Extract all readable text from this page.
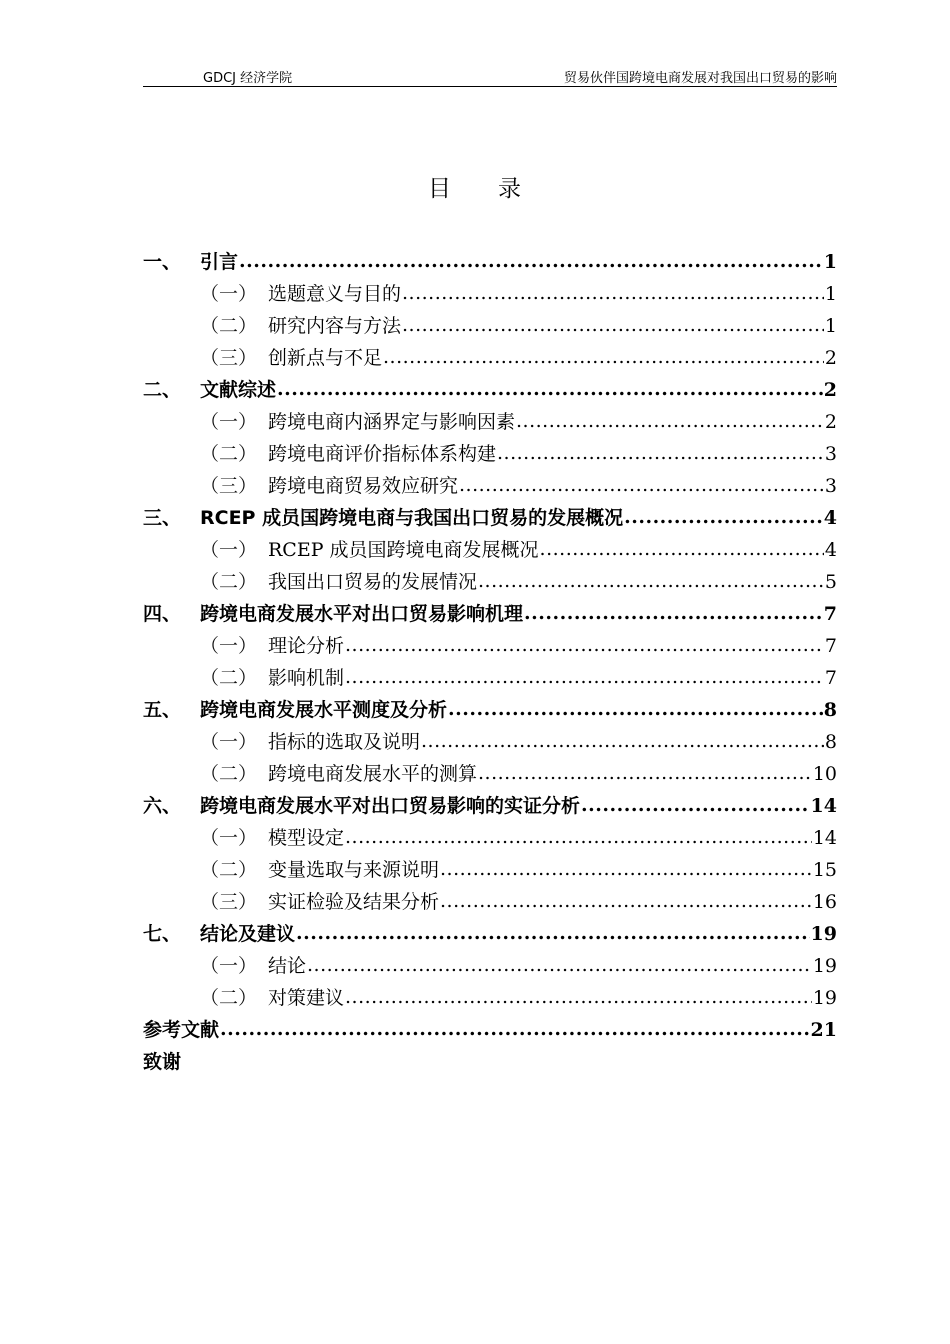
GDCJ 经济学院	贸易伙伴国跨境电商发展对我国出口贸易的影响
目 录
一、 引言 .....	1
（一） 选题意义与目的 .....	1
（二） 研究内容与方法 .....	1
（三） 创新点与不足 .....	2
二、 文献综述 .....	2
（一） 跨境电商内涵界定与影响因素 .....	2
（二） 跨境电商评价指标体系构建 .....	3
（三） 跨境电商贸易效应研究 .....	3
三、 RCEP 成员国跨境电商与我国出口贸易的发展概况 .....	4
（一） RCEP 成员国跨境电商发展概况 .....	4
（二） 我国出口贸易的发展情况 .....	5
四、 跨境电商发展水平对出口贸易影响机理 .....	7
（一） 理论分析 .....	7
（二） 影响机制 .....	7
五、 跨境电商发展水平测度及分析 .....	8
（一） 指标的选取及说明 .....	8
（二） 跨境电商发展水平的测算 .....	10
六、 跨境电商发展水平对出口贸易影响的实证分析 .....	14
（一） 模型设定 .....	14
（二） 变量选取与来源说明 .....	15
（三） 实证检验及结果分析 .....	16
七、 结论及建议 .....	19
（一） 结论 .....	19
（二） 对策建议 .....	19
参考文献 .....	21
致谢
